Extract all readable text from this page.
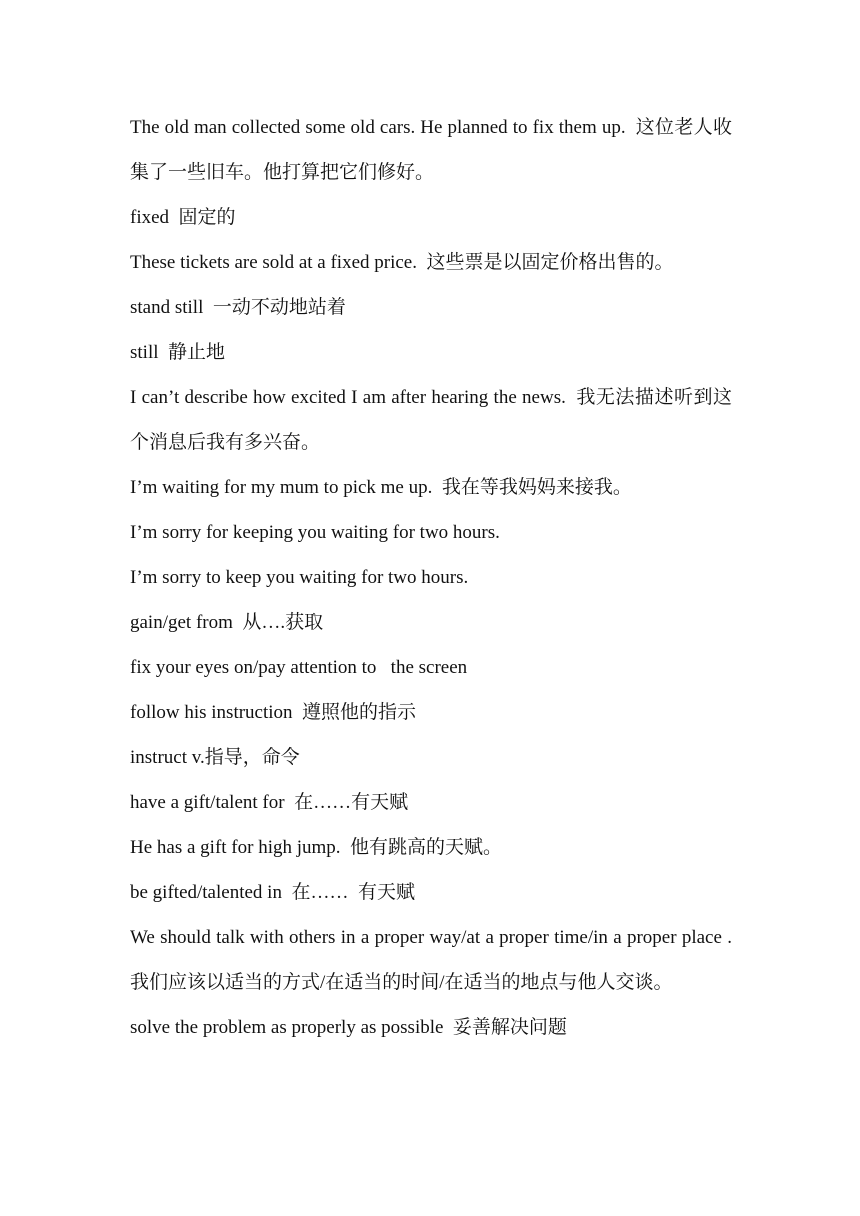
The old man collected some old cars. He planned to fix them up.  这位老人收集了一些旧车。他打算把它们修好。

fixed  固定的

These tickets are sold at a fixed price.  这些票是以固定价格出售的。

stand still  一动不动地站着

still  静止地

I can’t describe how excited I am after hearing the news.  我无法描述听到这个消息后我有多兴奋。

I’m waiting for my mum to pick me up.  我在等我妈妈来接我。

I’m sorry for keeping you waiting for two hours.

I’m sorry to keep you waiting for two hours.

gain/get from  从….获取

fix your eyes on/pay attention to   the screen

follow his instruction  遵照他的指示

instruct v.指导，命令

have a gift/talent for  在……有天赋

He has a gift for high jump.  他有跳高的天赋。

be gifted/talented in  在……  有天赋

We should talk with others in a proper way/at a proper time/in a proper place .  我们应该以适当的方式/在适当的时间/在适当的地点与他人交谈。

solve the problem as properly as possible  妥善解决问题
